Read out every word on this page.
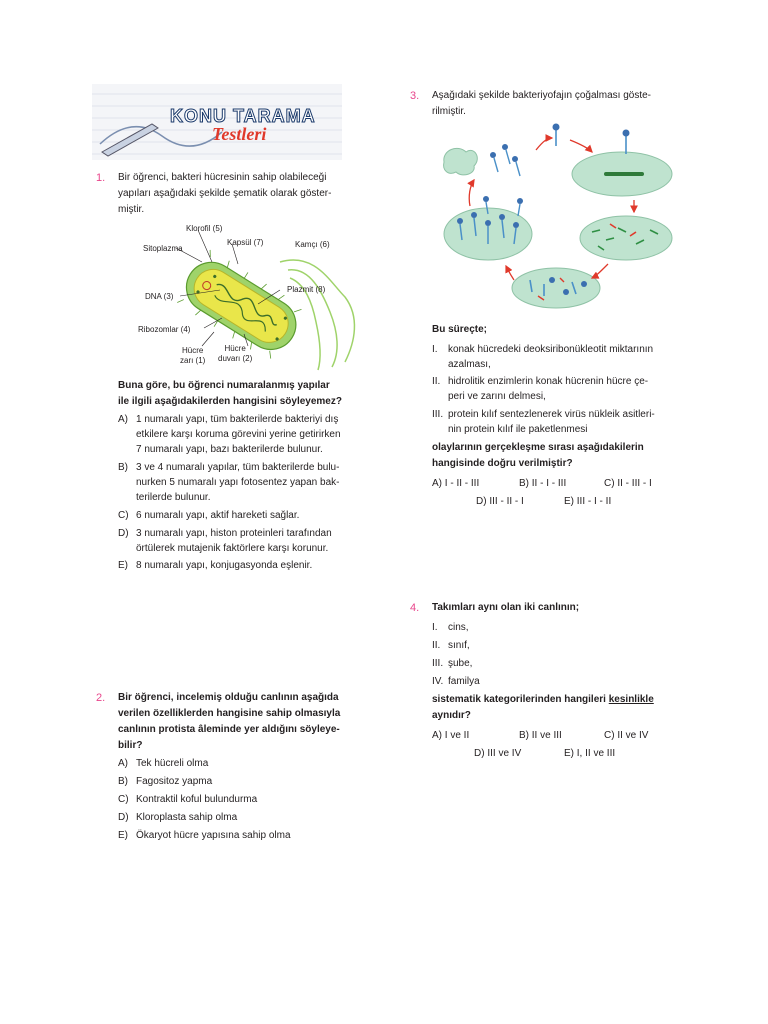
KONU TARAMA
Testleri
1. Bir öğrenci, bakteri hücresinin sahip olabileceği
yapıları aşağıdaki şekilde şematik olarak göster-
miştir.
Klorofil (5)
Sitoplazma
Kapsül (7)	Kamçı (6)
Plazmit (8)
DNA (3)
Ribozomlar (4)
Hücre
zarı (1)
Hücre
duvarı (2)
Buna göre, bu öğrenci numaralanmış yapılar
ile ilgili aşağıdakilerden hangisini söyleyemez?
A) 1 numaralı yapı, tüm bakterilerde bakteriyi dış
etkilere karşı koruma görevini yerine getirirken
7 numaralı yapı, bazı bakterilerde bulunur.
B) 3 ve 4 numaralı yapılar, tüm bakterilerde bulu-
nurken 5 numaralı yapı fotosentez yapan bak-
terilerde bulunur.
C) 6 numaralı yapı, aktif hareketi sağlar.
D) 3 numaralı yapı, histon proteinleri tarafından
örtülerek mutajenik faktörlere karşı korunur.
E) 8 numaralı yapı, konjugasyonda eşlenir.
2. Bir öğrenci, incelemiş olduğu canlının aşağıda
verilen özelliklerden hangisine sahip olmasıyla
canlının protista âleminde yer aldığını söyleye-
bilir?
A) Tek hücreli olma
B) Fagositoz yapma
C) Kontraktil koful bulundurma
D) Kloroplasta sahip olma
E) Ökaryot hücre yapısına sahip olma
3. Aşağıdaki şekilde bakteriyofajın çoğalması göste-
rilmiştir.
Bu süreçte;
I. konak hücredeki deoksiribonükleotit miktarının
azalması,
II. hidrolitik enzimlerin konak hücrenin hücre çe-
peri ve zarını delmesi,
III. protein kılıf sentezlenerek virüs nükleik asitleri-
nin protein kılıf ile paketlenmesi
olaylarının gerçekleşme sırası aşağıdakilerin
hangisinde doğru verilmiştir?
A) I - II - III	B) II - I - III	C) II - III - I
D) III - II - I	E) III - I - II
4. Takımları aynı olan iki canlının;
I. cins,
II. sınıf,
III. şube,
IV. familya
sistematik kategorilerinden hangileri kesinlikle
aynıdır?
A) I ve II	B) II ve III	C) II ve IV
D) III ve IV	E) I, II ve III
